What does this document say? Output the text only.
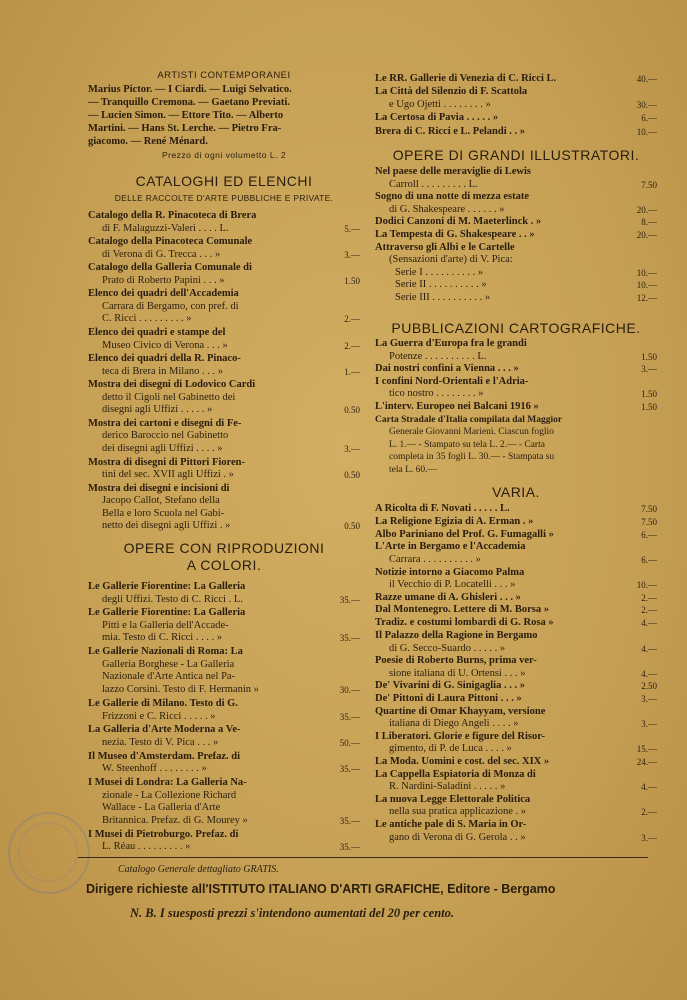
ARTISTI CONTEMPORANEI
Marius Pictor. — I Ciardi. — Luigi Selvatico.
— Tranquillo Cremona. — Gaetano Previati.
— Lucien Simon. — Ettore Tito. — Alberto
Martini. — Hans St. Lerche. — Pietro Fra-
giacomo. — René Ménard.
Prezzo di ogni volumetto L. 2
CATALOGHI ED ELENCHI
DELLE RACCOLTE D'ARTE PUBBLICHE E PRIVATE.
Catalogo della R. Pinacoteca di Brera
di F. Malaguzzi-Valeri . . . . L.	5.—
Catalogo della Pinacoteca Comunale
di Verona di G. Trecca . . . »	3.—
Catalogo della Galleria Comunale di
Prato di Roberto Papini . . . »	1.50
Elenco dei quadri dell'Accademia
Carrara di Bergamo, con pref. di
C. Ricci . . . . . . . . . »	2.—
Elenco dei quadri e stampe del
Museo Civico di Verona . . . »	2.—
Elenco dei quadri della R. Pinaco-
teca di Brera in Milano . . . »	1.—
Mostra dei disegni di Lodovico Cardi
detto il Cigoli nel Gabinetto dei
disegni agli Uffizi . . . . . »	0.50
Mostra dei cartoni e disegni di Fe-
derico Baroccio nel Gabinetto
dei disegni agli Uffizi . . . . »	3.—
Mostra di disegni di Pittori Fioren-
tini del sec. XVII agli Uffizi . »	0.50
Mostra dei disegni e incisioni di
Jacopo Callot, Stefano della
Bella e loro Scuola nel Gabi-
netto dei disegni agli Uffizi . »	0.50
OPERE CON RIPRODUZIONI
A COLORI.
Le Gallerie Fiorentine: La Galleria
degli Uffizi. Testo di C. Ricci . L.	35.—
Le Gallerie Fiorentine: La Galleria
Pitti e la Galleria dell'Accade-
mia. Testo di C. Ricci . . . . »	35.—
Le Gallerie Nazionali di Roma: La
Galleria Borghese - La Galleria
Nazionale d'Arte Antica nel Pa-
lazzo Corsini. Testo di F. Hermanin »	30.—
Le Gallerie di Milano. Testo di G.
Frizzoni e C. Ricci . . . . . »	35.—
La Galleria d'Arte Moderna a Ve-
nezia. Testo di V. Pica . . . »	50.—
Il Museo d'Amsterdam. Prefaz. di
W. Steenhoff . . . . . . . . »	35.—
I Musei di Londra: La Galleria Na-
zionale - La Collezione Richard
Wallace - La Galleria d'Arte
Britannica. Prefaz. di G. Mourey »	35.—
I Musei di Pietroburgo. Prefaz. di
L. Réau . . . . . . . . . »	35.—
Le RR. Gallerie di Venezia di C. Ricci L.	40.—
La Città del Silenzio di F. Scattola
e Ugo Ojetti . . . . . . . . »	30.—
La Certosa di Pavia . . . . . »	6.—
Brera di C. Ricci e L. Pelandi . . »	10.—
OPERE DI GRANDI ILLUSTRATORI.
Nel paese delle meraviglie di Lewis
Carroll . . . . . . . . . L.	7.50
Sogno di una notte di mezza estate
di G. Shakespeare . . . . . . »	20.—
Dodici Canzoni di M. Maeterlinck . »	8.—
La Tempesta di G. Shakespeare . . »	20.—
Attraverso gli Albi e le Cartelle
(Sensazioni d'arte) di V. Pica:
Serie I . . . . . . . . . . »	10.—
Serie II . . . . . . . . . . »	10.—
Serie III . . . . . . . . . . »	12.—
PUBBLICAZIONI CARTOGRAFICHE.
La Guerra d'Europa fra le grandi
Potenze . . . . . . . . . . L.	1.50
Dai nostri confini a Vienna . . . »	3.—
I confini Nord-Orientali e l'Adria-
tico nostro . . . . . . . . »	1.50
L'interv. Europeo nei Balcani 1916 »	1.50
Carta Stradale d'Italia compilata dal Maggior
Generale Giovanni Marieni. Ciascun foglio
L. 1.— - Stampato su tela L. 2.— - Carta
completa in 35 fogli L. 30.— - Stampata su
tela L. 60.—
VARIA.
A Ricolta di F. Novati . . . . . L.	7.50
La Religione Egizia di A. Erman . »	7.50
Albo Pariniano del Prof. G. Fumagalli »	6.—
L'Arte in Bergamo e l'Accademia
Carrara . . . . . . . . . . »	6.—
Notizie intorno a Giacomo Palma
il Vecchio di P. Locatelli . . . »	10.—
Razze umane di A. Ghisleri . . . »	2.—
Dal Montenegro. Lettere di M. Borsa »	2.—
Tradiz. e costumi lombardi di G. Rosa »	4.—
Il Palazzo della Ragione in Bergamo
di G. Secco-Suardo . . . . . »	4.—
Poesie di Roberto Burns, prima ver-
sione italiana di U. Ortensi . . . »	4.—
De' Vivarini di G. Sinigaglia . . . »	2.50
De' Pittoni di Laura Pittoni . . . »	3.—
Quartine di Omar Khayyam, versione
italiana di Diego Angeli . . . . »	3.—
I Liberatori. Glorie e figure del Risor-
gimento, di P. de Luca . . . . »	15.—
La Moda. Uomini e cost. del sec. XIX »	24.—
La Cappella Espiatoria di Monza di
R. Nardini-Saladini . . . . . »	4.—
La nuova Legge Elettorale Politica
nella sua pratica applicazione . »	2.—
Le antiche pale di S. Maria in Or-
gano di Verona di G. Gerola . . »	3.—
Catalogo Generale dettagliato GRATIS.
Dirigere richieste all'ISTITUTO ITALIANO D'ARTI GRAFICHE, Editore - Bergamo
N. B. I suesposti prezzi s'intendono aumentati del 20 per cento.
